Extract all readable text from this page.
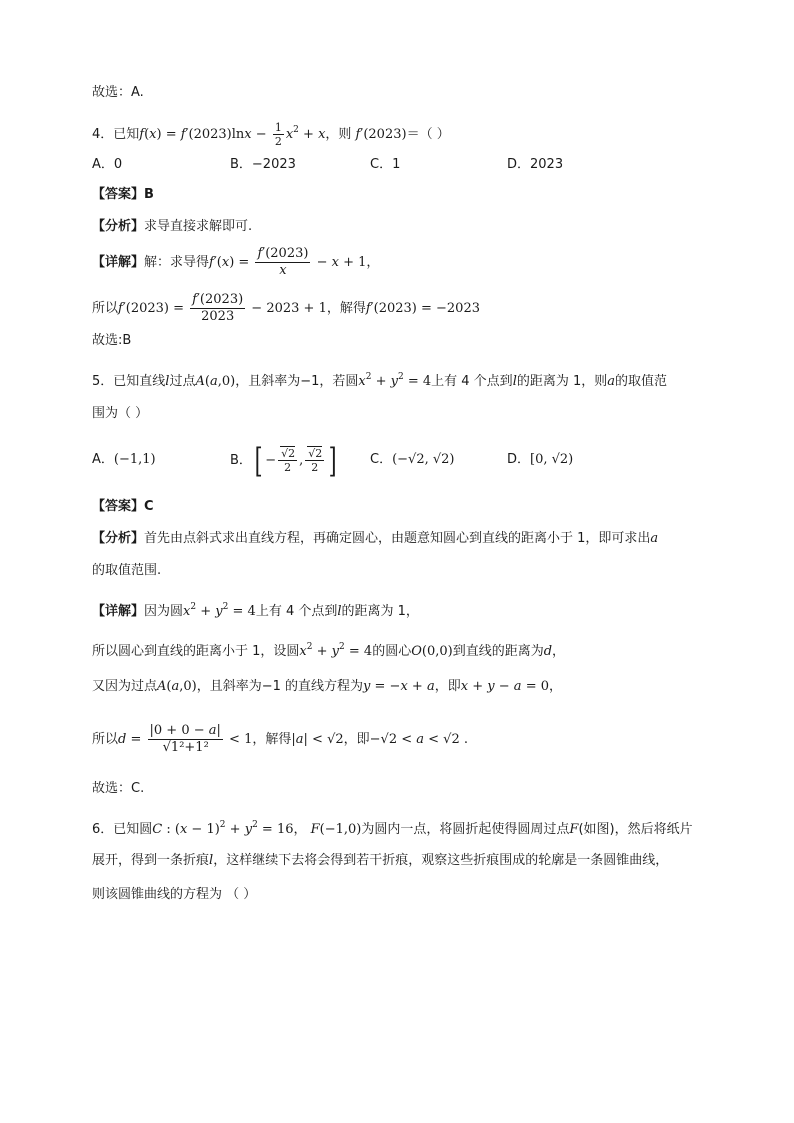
故选：A.
4．已知$f(x) = f'(2023)\ln x - \frac{1}{2} x^2 + x$，则 f′(2023)＝（ ）
A．0	B．−2023	C．1	D．2023
【答案】B
【分析】求导直接求解即可.
【详解】解：求导得$f'(x) = \frac{f'(2023)}{x} - x + 1$，
所以$f'(2023) = \frac{f'(2023)}{2023} - 2023 + 1$，解得f′(2023) = −2023
故选:B
5．已知直线l过点A(a,0)，且斜率为−1，若圆$x^2 + y^2 = 4$上有 4 个点到l的距离为 1，则a的取值范
围为（ ）
A．(−1,1)	B．[ − $\frac{√2}{2}$ , $\frac{√2}{2}$ ]	C．(−√2, √2)	D．[0, √2)
【答案】C
【分析】首先由点斜式求出直线方程，再确定圆心，由题意知圆心到直线的距离小于 1，即可求出a
的取值范围.
【详解】因为圆$x^2 + y^2 = 4$上有 4 个点到l的距离为 1，
所以圆心到直线的距离小于 1，设圆$x^2 + y^2 = 4$的圆心O(0,0)到直线的距离为d，
又因为过点A(a,0)，且斜率为−1 的直线方程为y = −x + a，即x + y − a = 0，
所以$d = \frac{|0 + 0 - a|}{\text{√1²+1²}} < 1$，解得|a| < √2，即−√2 < a < √2 .
故选：C.
6．已知圆C : $(x - 1)^2 + y^2 = 16$， F(−1,0)为圆内一点，将圆折起使得圆周过点F(如图)，然后将纸片
展开，得到一条折痕l，这样继续下去将会得到若干折痕，观察这些折痕围成的轮廓是一条圆锥曲线，
则该圆锥曲线的方程为 （ ）
